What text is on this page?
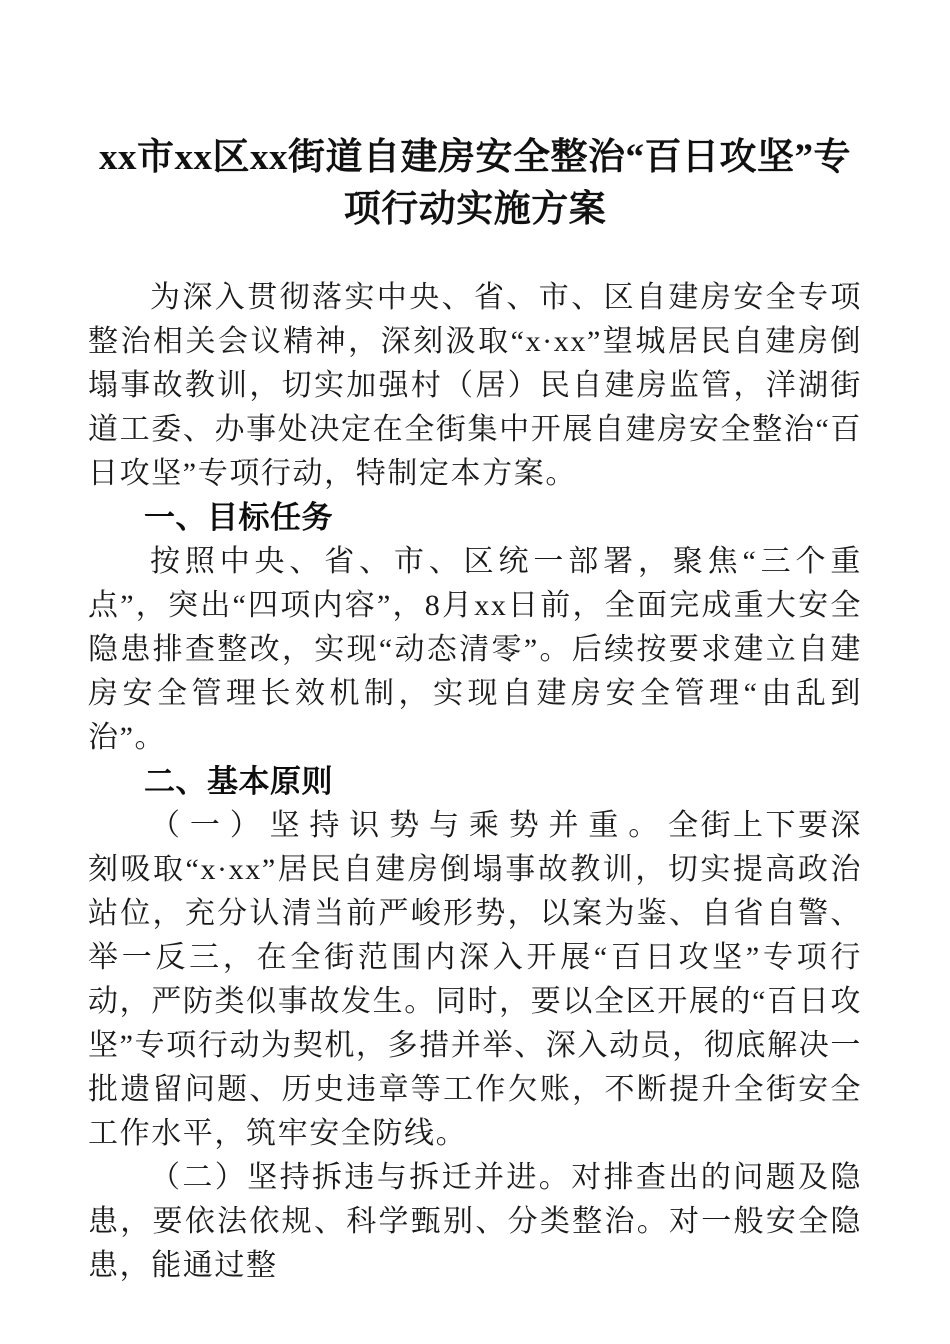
xx市xx区xx街道自建房安全整治“百日攻坚”专项行动实施方案

为深入贯彻落实中央、省、市、区自建房安全专项整治相关会议精神，深刻汲取“x·xx”望城居民自建房倒塌事故教训，切实加强村（居）民自建房监管，洋湖街道工委、办事处决定在全街集中开展自建房安全整治“百日攻坚”专项行动，特制定本方案。

一、目标任务

按照中央、省、市、区统一部署，聚焦“三个重点”，突出“四项内容”，8月xx日前，全面完成重大安全隐患排查整改，实现“动态清零”。后续按要求建立自建房安全管理长效机制，实现自建房安全管理“由乱到治”。

二、基本原则

（一）坚持识势与乘势并重。全街上下要深刻吸取“x·xx”居民自建房倒塌事故教训，切实提高政治站位，充分认清当前严峻形势，以案为鉴、自省自警、举一反三，在全街范围内深入开展“百日攻坚”专项行动，严防类似事故发生。同时，要以全区开展的“百日攻坚”专项行动为契机，多措并举、深入动员，彻底解决一批遗留问题、历史违章等工作欠账，不断提升全街安全工作水平，筑牢安全防线。

（二）坚持拆违与拆迁并进。对排查出的问题及隐患，要依法依规、科学甄别、分类整治。对一般安全隐患，能通过整
